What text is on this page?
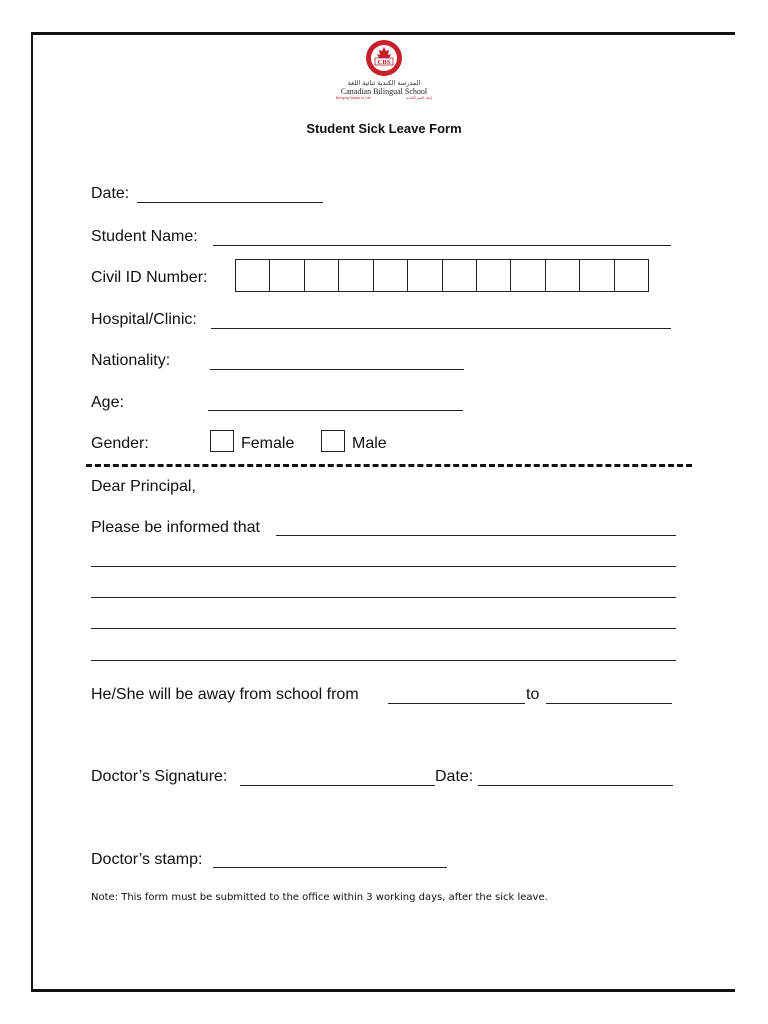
CBS
المدرسة الكندية ثنائية اللغة
Canadian Bilingual School
Bringing Values to Life	إحياء القيم الكندية
Student Sick Leave Form
Date:
Student Name:
Civil ID Number:
Hospital/Clinic:
Nationality:
Age:
Gender:	Female	Male
Dear Principal,
Please be informed that
He/She will be away from school from	to
Doctor’s Signature:	Date:
Doctor’s stamp:
Note: This form must be submitted to the office within 3 working days, after the sick leave.
